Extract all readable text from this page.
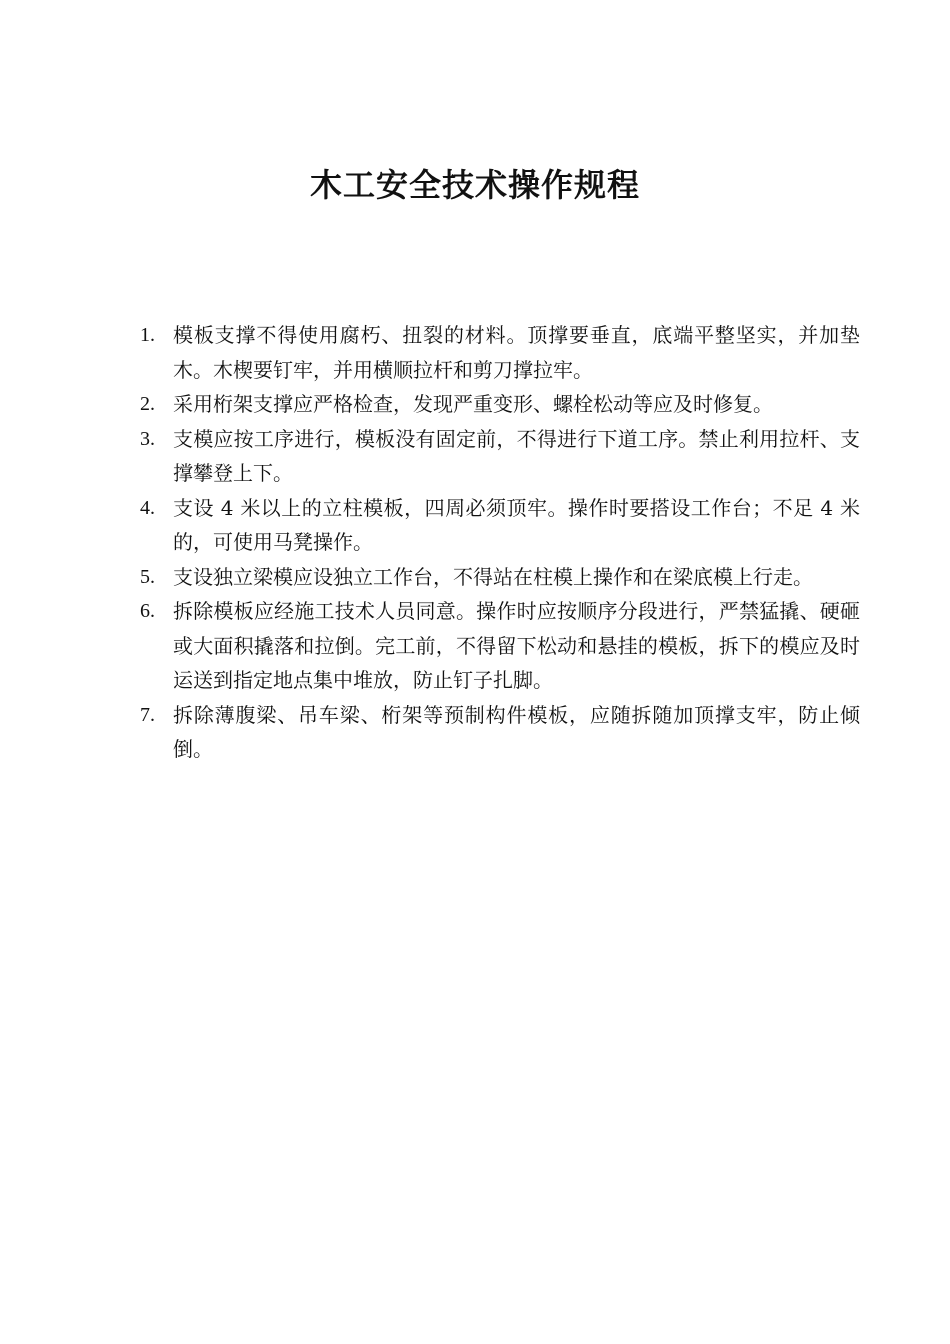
木工安全技术操作规程
1. 模板支撑不得使用腐朽、扭裂的材料。顶撑要垂直，底端平整坚实，并加垫木。木楔要钉牢，并用横顺拉杆和剪刀撑拉牢。
2. 采用桁架支撑应严格检查，发现严重变形、螺栓松动等应及时修复。
3. 支模应按工序进行，模板没有固定前，不得进行下道工序。禁止利用拉杆、支撑攀登上下。
4. 支设 4 米以上的立柱模板，四周必须顶牢。操作时要搭设工作台；不足 4 米的，可使用马凳操作。
5. 支设独立梁模应设独立工作台，不得站在柱模上操作和在梁底模上行走。
6. 拆除模板应经施工技术人员同意。操作时应按顺序分段进行，严禁猛撬、硬砸或大面积撬落和拉倒。完工前，不得留下松动和悬挂的模板，拆下的模应及时运送到指定地点集中堆放，防止钉子扎脚。
7. 拆除薄腹梁、吊车梁、桁架等预制构件模板，应随拆随加顶撑支牢，防止倾倒。
